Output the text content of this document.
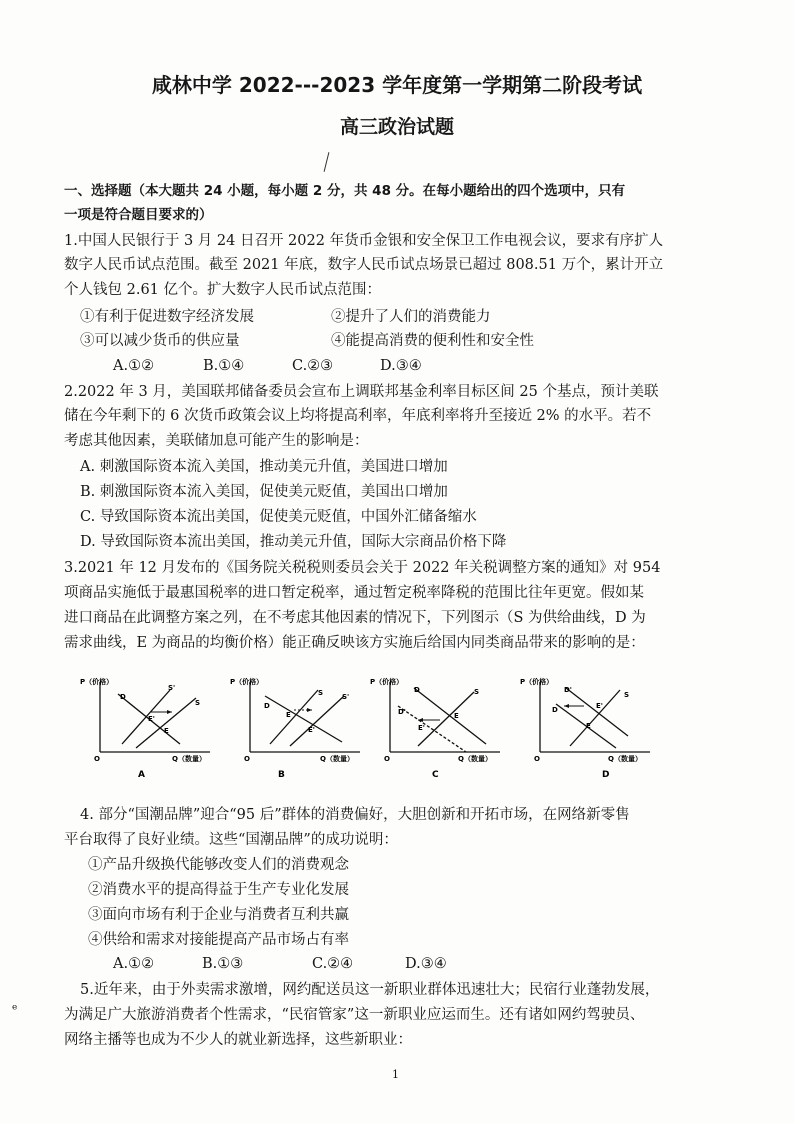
咸林中学 2022---2023 学年度第一学期第二阶段考试
高三政治试题
一、选择题（本大题共 24 小题，每小题 2 分，共 48 分。在每小题给出的四个选项中，只有
一项是符合题目要求的）
1.中国人民银行于 3 月 24 日召开 2022 年货币金银和安全保卫工作电视会议，要求有序扩人
数字人民币试点范围。截至 2021 年底，数字人民币试点场景已超过 808.51 万个，累计开立
个人钱包 2.61 亿个。扩大数字人民币试点范围：
①有利于促进数字经济发展	②提升了人们的消费能力
③可以减少货币的供应量	④能提高消费的便利性和安全性
A.①②	B.①④	C.②③	D.③④
2.2022 年 3 月，美国联邦储备委员会宣布上调联邦基金利率目标区间 25 个基点，预计美联
储在今年剩下的 6 次货币政策会议上均将提高利率，年底利率将升至接近 2% 的水平。若不
考虑其他因素，美联储加息可能产生的影响是：
A. 刺激国际资本流入美国，推动美元升值，美国进口增加
B. 刺激国际资本流入美国，促使美元贬值，美国出口增加
C. 导致国际资本流出美国，促使美元贬值，中国外汇储备缩水
D. 导致国际资本流出美国，推动美元升值，国际大宗商品价格下降
3.2021 年 12 月发布的《国务院关税税则委员会关于 2022 年关税调整方案的通知》对 954
项商品实施低于最惠国税率的进口暂定税率，通过暂定税率降税的范围比往年更宽。假如某
进口商品在此调整方案之列，在不考虑其他因素的情况下，下列图示（S 为供给曲线，D 为
需求曲线，E 为商品的均衡价格）能正确反映该方实施后给国内同类商品带来的影响的是：
P（价格）
O	Q（数量）
D
S'
S
E'
E
A
P（价格）
O	Q（数量）
D
S	S'
E
E'
B
P（价格）
O	Q（数量）
D
D'
S
E'
E
C
P（价格）
O	Q（数量）
D'
D
S
E'
E
D
4. 部分“国潮品牌”迎合“95 后”群体的消费偏好，大胆创新和开拓市场，在网络新零售
平台取得了良好业绩。这些“国潮品牌”的成功说明：
①产品升级换代能够改变人们的消费观念
②消费水平的提高得益于生产专业化发展
③面向市场有利于企业与消费者互利共赢
④供给和需求对接能提高产品市场占有率
A.①②	B.①③	C.②④	D.③④
5.近年来，由于外卖需求激增，网约配送员这一新职业群体迅速壮大；民宿行业蓬勃发展，
为满足广大旅游消费者个性需求，“民宿管家”这一新职业应运而生。还有诸如网约驾驶员、
网络主播等也成为不少人的就业新选择，这些新职业：
ᵉ
1
